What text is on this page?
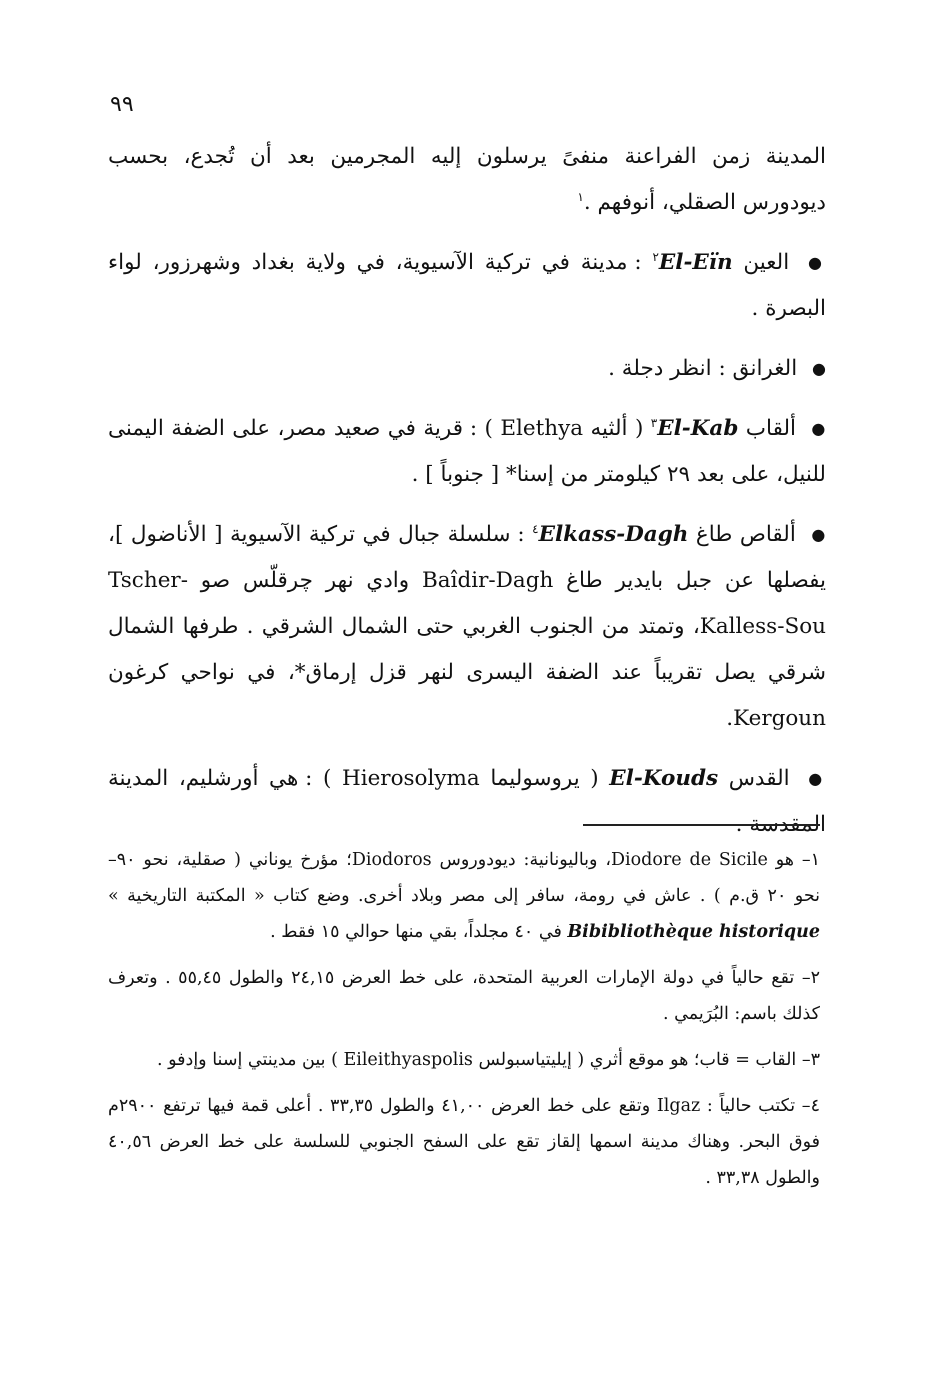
٩٩

المدينة زمن الفراعنة منفىً يرسلون إليه المجرمين بعد أن تُجدع، بحسب ديودورس الصقلي، أنوفهم .$^١$

● العين El-Eïn$^٢$ : مدينة في تركية الآسيوية، في ولاية بغداد وشهرزور، لواء البصرة .

● الغرانق : انظر دجلة .

● ألقاب El-Kab$^٣$ ( ألثيه Elethya ) : قرية في صعيد مصر، على الضفة اليمنى للنيل، على بعد ٢٩ كيلومتر من إسنا* [ جنوباً ] .

● ألقاص طاغ Elkass-Dagh$^٤$ : سلسلة جبال في تركية الآسيوية [ الأناضول ]، يفصلها عن جبل بايدير طاغ Baîdir-Dagh وادي نهر چرقلّس صو Tscher-Kalless-Sou، وتمتد من الجنوب الغربي حتى الشمال الشرقي . طرفها الشمال شرقي يصل تقريباً عند الضفة اليسرى لنهر قزل إرماق*، في نواحي كرغون Kergoun.

● القدس El-Kouds ( يروسوليما Hierosolyma ) : هي أورشليم، المدينة المقدسة .

١– هو Diodore de Sicile، وباليونانية: ديودوروس Diodoros؛ مؤرخ يوناني ( صقلية، نحو ٩٠– نحو ٢٠ ق.م ) . عاش في رومة، سافر إلى مصر وبلاد أخرى. وضع كتاب « المكتبة التاريخية » Bibibliothèque historique في ٤٠ مجلداً، بقي منها حوالي ١٥ فقط .

٢– تقع حالياً في دولة الإمارات العربية المتحدة، على خط العرض ٢٤,١٥ والطول ٥٥,٤٥ . وتعرف كذلك باسم: البُرَيمي .

٣– القاب = قاب؛ هو موقع أثري ( إيليتياسبولس Eileithyaspolis ) بين مدينتي إسنا وإدفو .

٤– تكتب حالياً : Ilgaz وتقع على خط العرض ٤١,٠٠ والطول ٣٣,٣٥ . أعلى قمة فيها ترتفع ٢٩٠٠م فوق البحر. وهناك مدينة اسمها إلقاز تقع على السفح الجنوبي للسلسة على خط العرض ٤٠,٥٦ والطول ٣٣,٣٨ .
